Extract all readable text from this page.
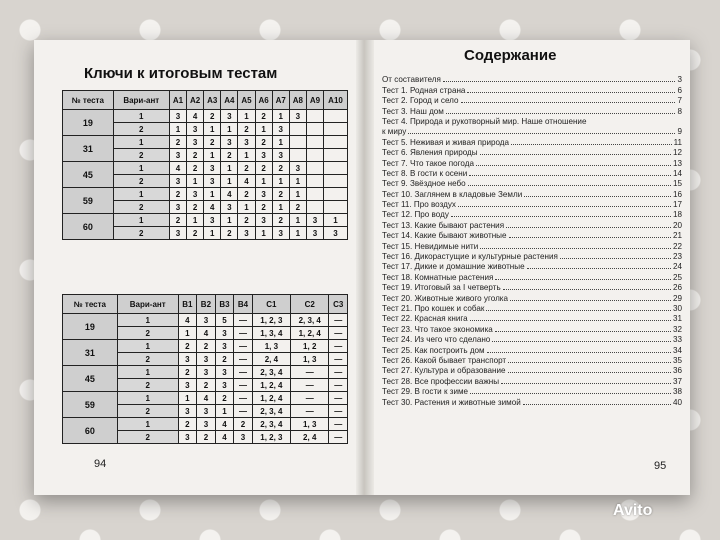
Ключи к итоговым тестам
№ теста	Вари-ант	А1	А2	А3	А4	А5	А6	А7	А8	А9	А10
19	1	3	4	2	3	1	2	1	3		
	2	1	3	1	1	2	1	3			
31	1	2	3	2	3	3	2	1			
	2	3	2	1	2	1	3	3			
45	1	4	2	3	1	2	2	2	3		
	2	3	1	3	1	4	1	1	1		
59	1	2	3	1	4	2	3	2	1		
	2	3	2	4	3	1	2	1	2		
60	1	2	1	3	1	2	3	2	1	3	1
	2	3	2	1	2	3	1	3	1	3	3
№ теста	Вари-ант	В1	В2	В3	В4	С1	С2	С3
19	1	4	3	5	—	1, 2, 3	2, 3, 4	—
	2	1	4	3	—	1, 3, 4	1, 2, 4	—
31	1	2	2	3	—	1, 3	1, 2	—
	2	3	3	2	—	2, 4	1, 3	—
45	1	2	3	3	—	2, 3, 4	—	—
	2	3	2	3	—	1, 2, 4	—	—
59	1	1	4	2	—	1, 2, 4	—	—
	2	3	3	1	—	2, 3, 4	—	—
60	1	2	3	4	2	2, 3, 4	1, 3	—
	2	3	2	4	3	1, 2, 3	2, 4	—
94
Содержание
От составителя	3
Тест 1. Родная страна	6
Тест 2. Город и село	7
Тест 3. Наш дом	8
Тест 4. Природа и рукотворный мир. Наше отношение
к миру	9
Тест 5. Неживая и живая природа	11
Тест 6. Явления природы	12
Тест 7. Что такое погода	13
Тест 8. В гости к осени	14
Тест 9. Звёздное небо	15
Тест 10. Заглянем в кладовые Земли	16
Тест 11. Про воздух	17
Тест 12. Про воду	18
Тест 13. Какие бывают растения	20
Тест 14. Какие бывают животные	21
Тест 15. Невидимые нити	22
Тест 16. Дикорастущие и культурные растения	23
Тест 17. Дикие и домашние животные	24
Тест 18. Комнатные растения	25
Тест 19. Итоговый за I четверть	26
Тест 20. Животные живого уголка	29
Тест 21. Про кошек и собак	30
Тест 22. Красная книга	31
Тест 23. Что такое экономика	32
Тест 24. Из чего что сделано	33
Тест 25. Как построить дом	34
Тест 26. Какой бывает транспорт	35
Тест 27. Культура и образование	36
Тест 28. Все профессии важны	37
Тест 29. В гости к зиме	38
Тест 30. Растения и животные зимой	40
95
Avito
